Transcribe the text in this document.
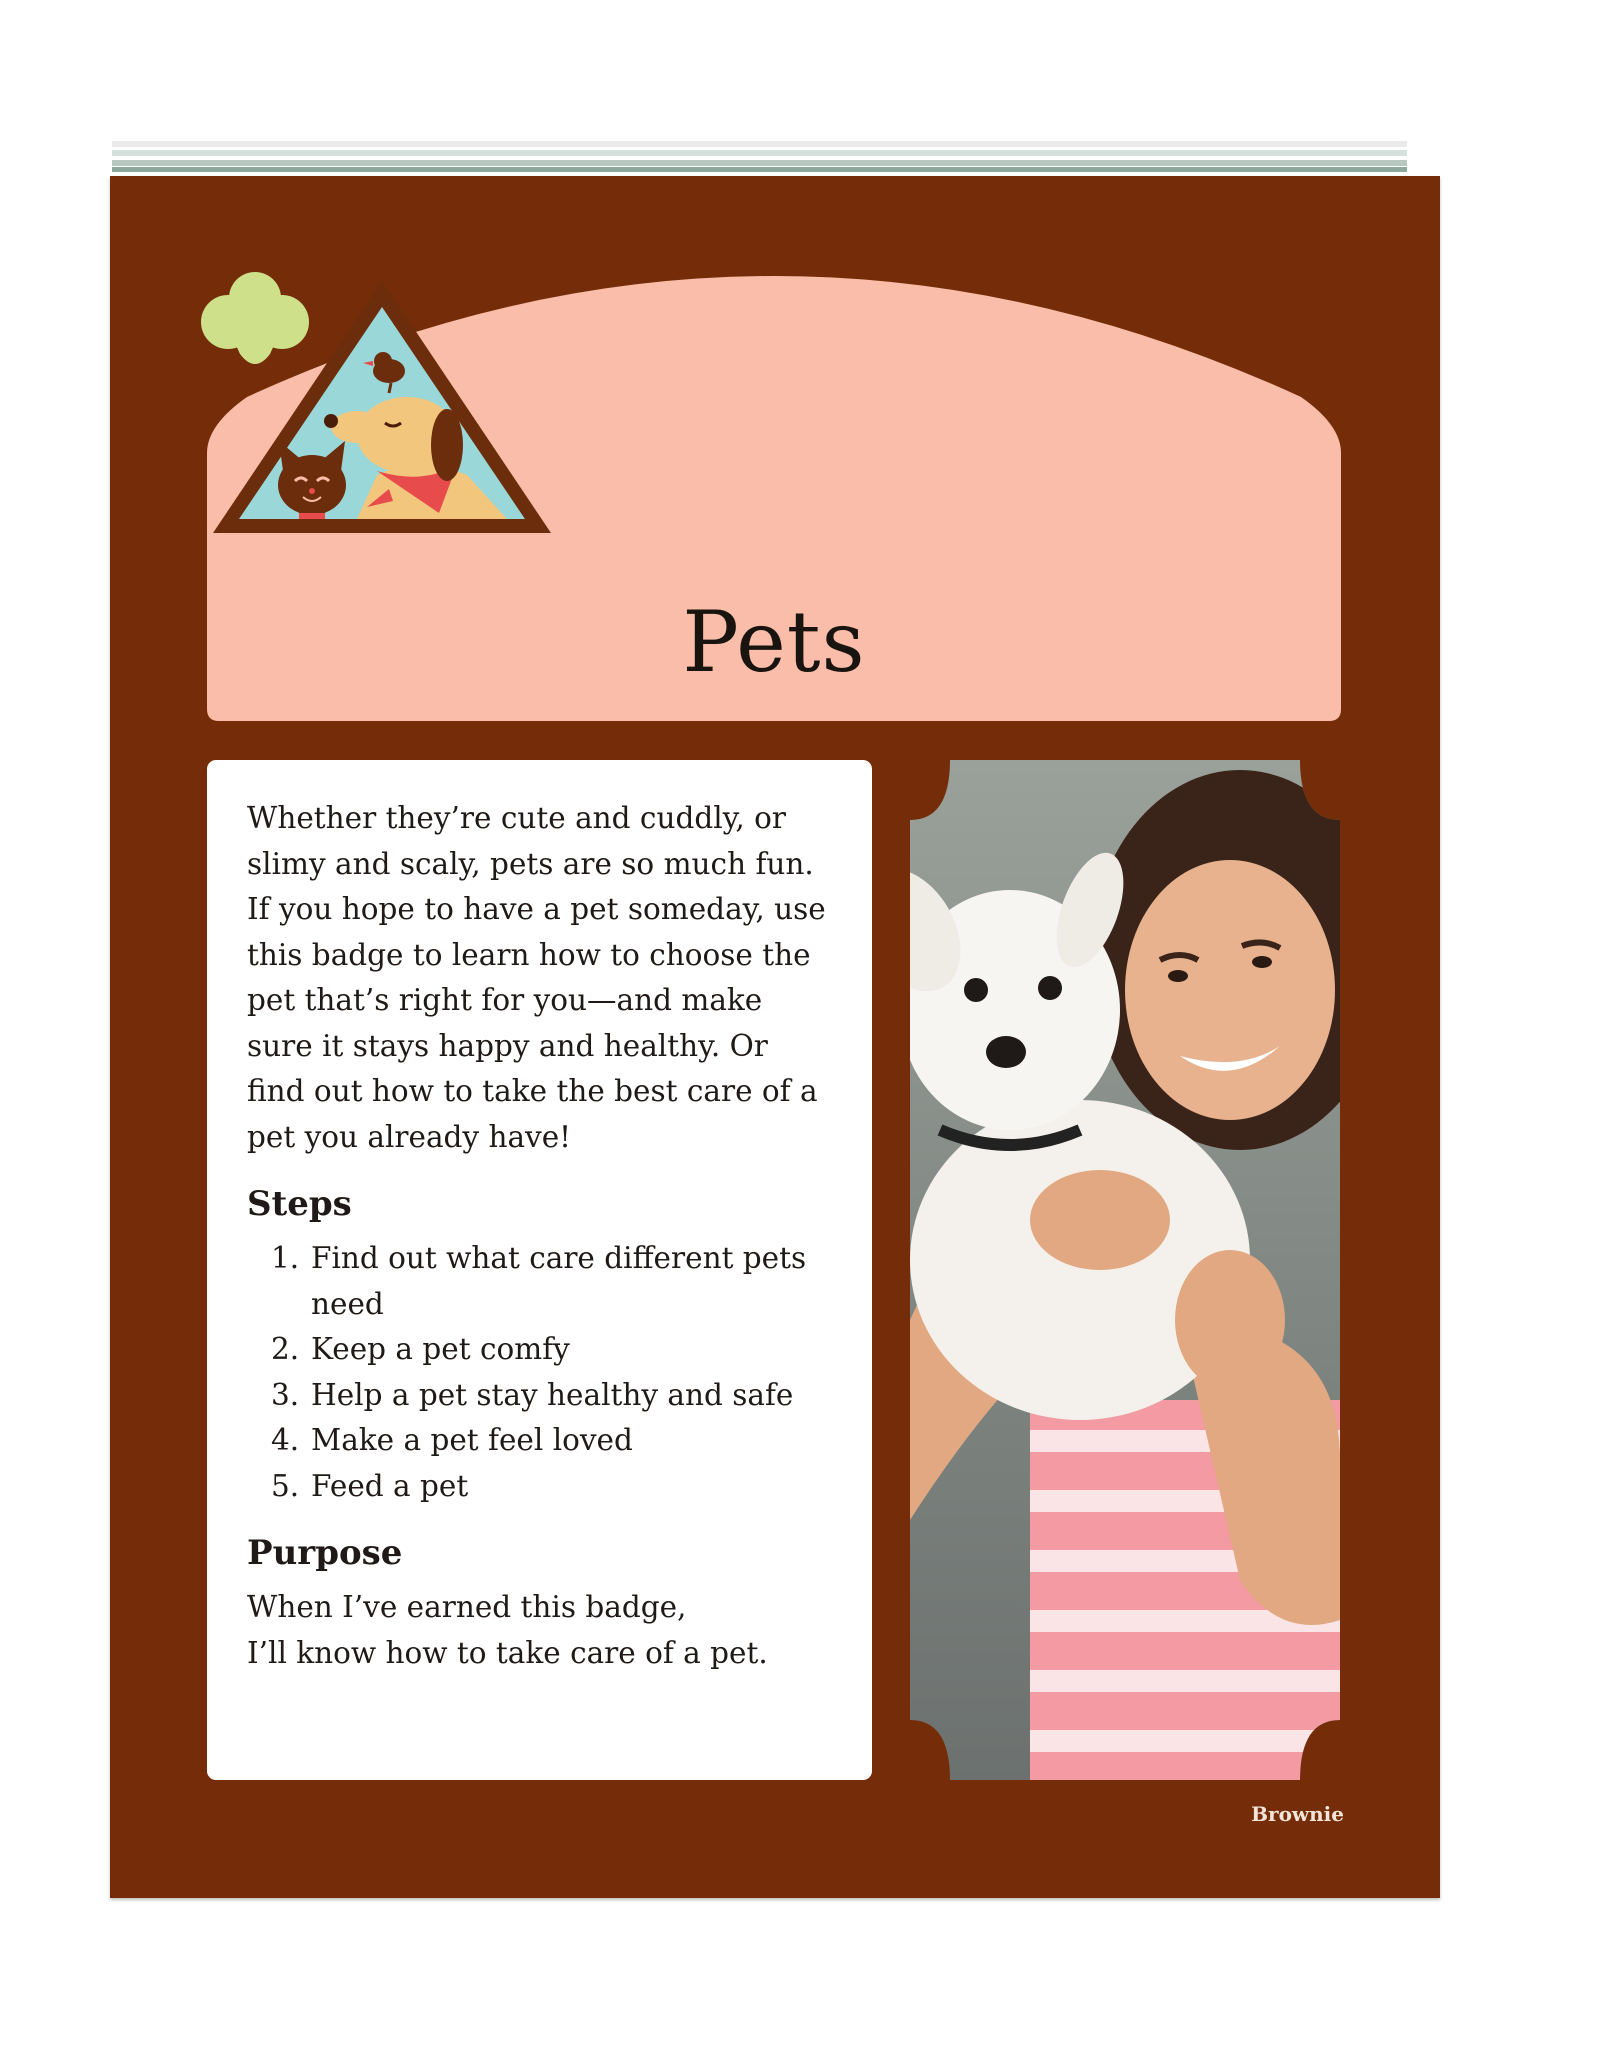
Pets

Whether they’re cute and cuddly, or slimy and scaly, pets are so much fun. If you hope to have a pet someday, use this badge to learn how to choose the pet that’s right for you—and make sure it stays happy and healthy. Or find out how to take the best care of a pet you already have!

Steps
1. Find out what care different pets need
2. Keep a pet comfy
3. Help a pet stay healthy and safe
4. Make a pet feel loved
5. Feed a pet
Purpose

When I’ve earned this badge,
I’ll know how to take care of a pet.

Brownie
